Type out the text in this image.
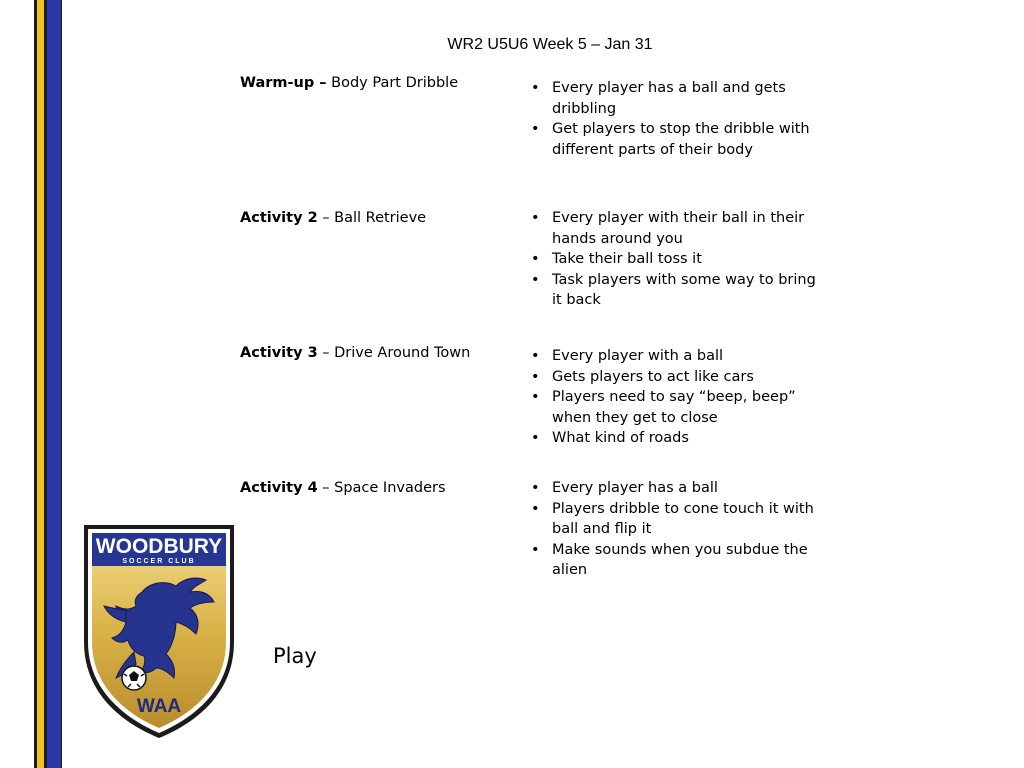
WR2 U5U6 Week 5 – Jan 31
Warm-up – Body Part Dribble	• Every player has a ball and gets dribbling
• Get players to stop the dribble with different parts of their body
Activity 2 – Ball Retrieve	• Every player with their ball in their hands around you
• Take their ball toss it
• Task players with some way to bring it back
Activity 3 – Drive Around Town	• Every player with a ball
• Gets players to act like cars
• Players need to say “beep, beep” when they get to close
• What kind of roads
Activity 4 – Space Invaders	• Every player has a ball
• Players dribble to cone touch it with ball and flip it
• Make sounds when you subdue the alien
WOODBURY
SOCCER CLUB
WAA
Play
